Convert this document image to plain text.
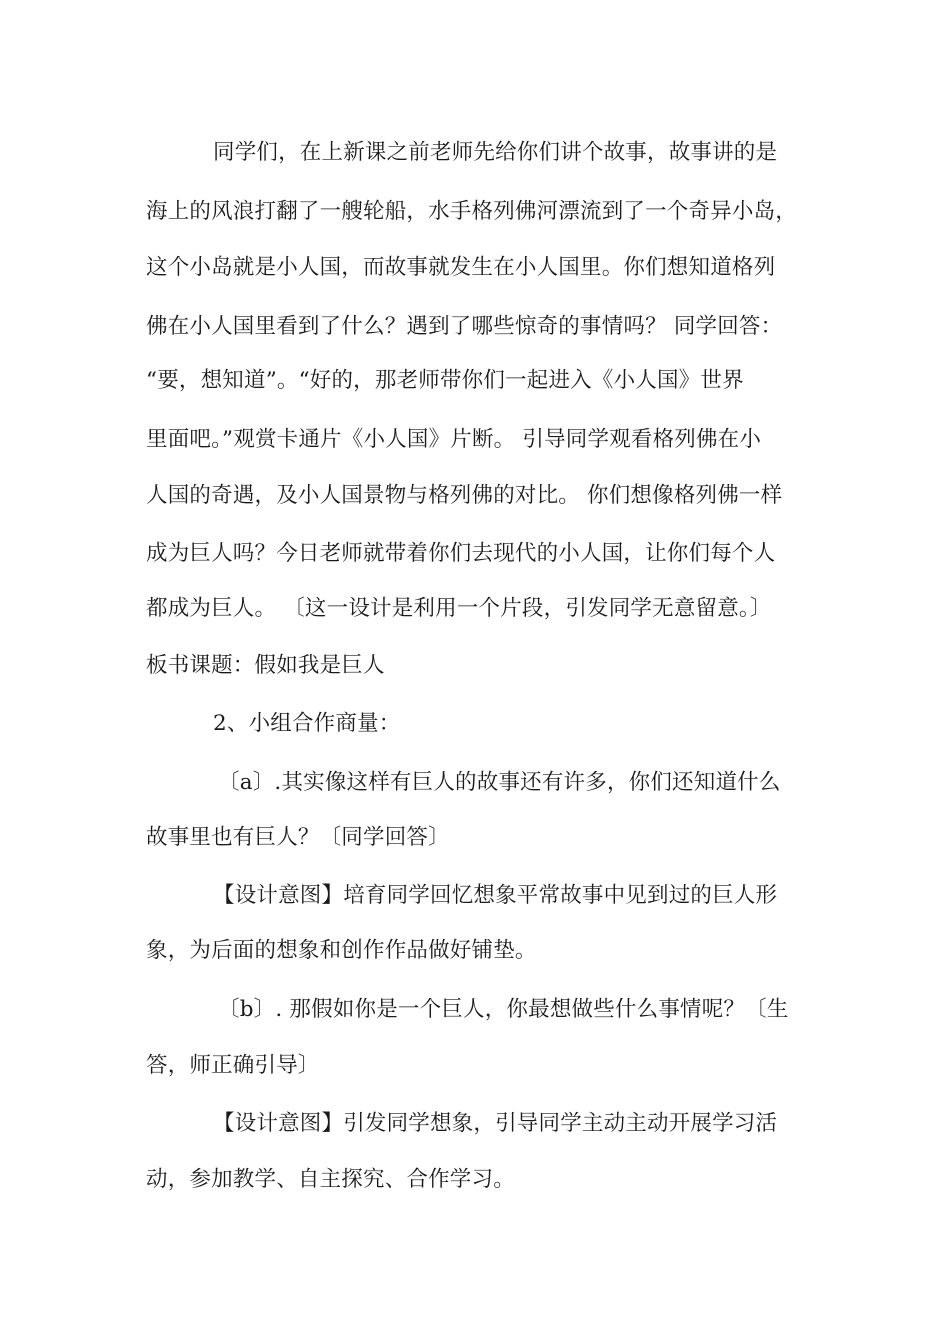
同学们，在上新课之前老师先给你们讲个故事，故事讲的是
海上的风浪打翻了一艘轮船，水手格列佛河漂流到了一个奇异小岛，
这个小岛就是小人国，而故事就发生在小人国里。你们想知道格列
佛在小人国里看到了什么？遇到了哪些惊奇的事情吗？ 同学回答：
“要，想知道”。“好的，那老师带你们一起进入《小人国》世界
里面吧。”观赏卡通片《小人国》片断。 引导同学观看格列佛在小
人国的奇遇，及小人国景物与格列佛的对比。 你们想像格列佛一样
成为巨人吗？今日老师就带着你们去现代的小人国，让你们每个人
都成为巨人。 〔这一设计是利用一个片段，引发同学无意留意。〕
板书课题：假如我是巨人
2、小组合作商量：
〔a〕.其实像这样有巨人的故事还有许多，你们还知道什么
故事里也有巨人？〔同学回答〕
【设计意图】培育同学回忆想象平常故事中见到过的巨人形
象，为后面的想象和创作作品做好铺垫。
〔b〕. 那假如你是一个巨人，你最想做些什么事情呢？〔生
答，师正确引导〕
【设计意图】引发同学想象，引导同学主动主动开展学习活
动，参加教学、自主探究、合作学习。
